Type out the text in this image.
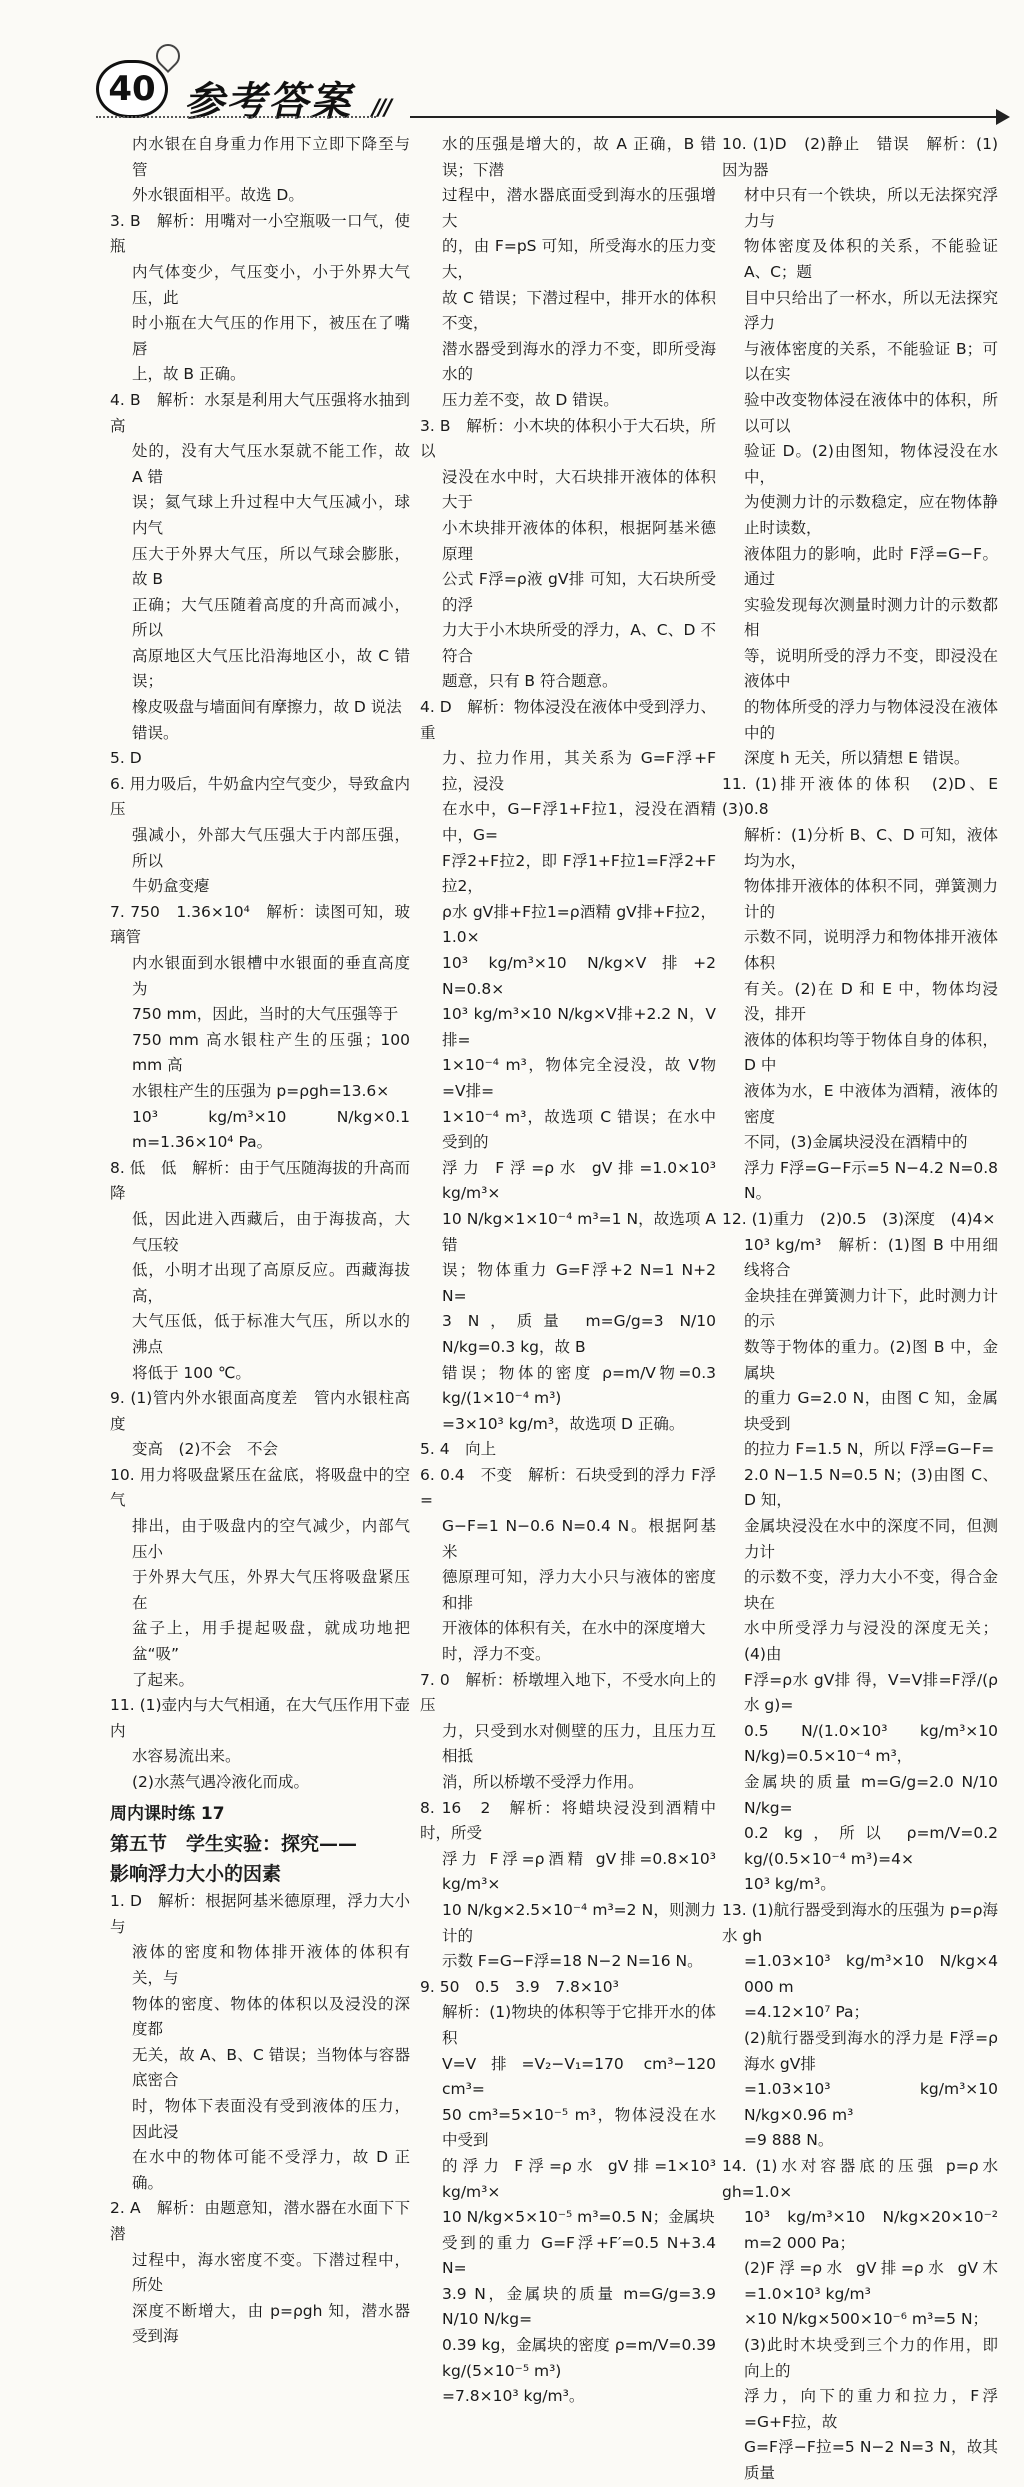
40 参考答案 ///

内水银在自身重力作用下立即下降至与管

外水银面相平。故选 D。

3. B　解析：用嘴对一小空瓶吸一口气，使瓶

内气体变少，气压变小，小于外界大气压，此

时小瓶在大气压的作用下，被压在了嘴唇

上，故 B 正确。

4. B　解析：水泵是利用大气压强将水抽到高

处的，没有大气压水泵就不能工作，故 A 错

误；氦气球上升过程中大气压减小，球内气

压大于外界大气压，所以气球会膨胀，故 B

正确；大气压随着高度的升高而减小，所以

高原地区大气压比沿海地区小，故 C 错误；

橡皮吸盘与墙面间有摩擦力，故 D 说法

错误。

5. D

6. 用力吸后，牛奶盒内空气变少，导致盒内压

强减小，外部大气压强大于内部压强，所以

牛奶盒变瘪

7. 750　1.36×10⁴　解析：读图可知，玻璃管

内水银面到水银槽中水银面的垂直高度为

750 mm，因此，当时的大气压强等于

750 mm 高水银柱产生的压强；100 mm 高

水银柱产生的压强为 p=ρgh=13.6×

10³ kg/m³×10 N/kg×0.1 m=1.36×10⁴ Pa。

8. 低　低　解析：由于气压随海拔的升高而降

低，因此进入西藏后，由于海拔高，大气压较

低，小明才出现了高原反应。西藏海拔高，

大气压低，低于标准大气压，所以水的沸点

将低于 100 ℃。

9. (1)管内外水银面高度差　管内水银柱高度

变高　(2)不会　不会

10. 用力将吸盘紧压在盆底，将吸盘中的空气

排出，由于吸盘内的空气减少，内部气压小

于外界大气压，外界大气压将吸盘紧压在

盆子上，用手提起吸盘，就成功地把盆“吸”

了起来。

11. (1)壶内与大气相通，在大气压作用下壶内

水容易流出来。

(2)水蒸气遇冷液化而成。

周内课时练 17

第五节　学生实验：探究——

影响浮力大小的因素

1. D　解析：根据阿基米德原理，浮力大小与

液体的密度和物体排开液体的体积有关，与

物体的密度、物体的体积以及浸没的深度都

无关，故 A、B、C 错误；当物体与容器底密合

时，物体下表面没有受到液体的压力，因此浸

在水中的物体可能不受浮力，故 D 正确。

2. A　解析：由题意知，潜水器在水面下下潜

过程中，海水密度不变。下潜过程中，所处

深度不断增大，由 p=ρgh 知，潜水器受到海

水的压强是增大的，故 A 正确，B 错误；下潜

过程中，潜水器底面受到海水的压强增大

的，由 F=pS 可知，所受海水的压力变大，

故 C 错误；下潜过程中，排开水的体积不变，

潜水器受到海水的浮力不变，即所受海水的

压力差不变，故 D 错误。

3. B　解析：小木块的体积小于大石块，所以

浸没在水中时，大石块排开液体的体积大于

小木块排开液体的体积，根据阿基米德原理

公式 F浮=ρ液 gV排 可知，大石块所受的浮

力大于小木块所受的浮力，A、C、D 不符合

题意，只有 B 符合题意。

4. D　解析：物体浸没在液体中受到浮力、重

力、拉力作用，其关系为 G=F浮+F拉，浸没

在水中，G−F浮1+F拉1，浸没在酒精中，G=

F浮2+F拉2，即 F浮1+F拉1=F浮2+F拉2，

ρ水 gV排+F拉1=ρ酒精 gV排+F拉2，1.0×

10³ kg/m³×10 N/kg×V排+2 N=0.8×

10³ kg/m³×10 N/kg×V排+2.2 N，V排=

1×10⁻⁴ m³，物体完全浸没，故 V物=V排=

1×10⁻⁴ m³，故选项 C 错误；在水中受到的

浮力 F浮=ρ水 gV排=1.0×10³ kg/m³×

10 N/kg×1×10⁻⁴ m³=1 N，故选项 A 错

误；物体重力 G=F浮+2 N=1 N+2 N=

3 N，质量 m=G/g=3 N/10 N/kg=0.3 kg，故 B

错误；物体的密度 ρ=m/V物=0.3 kg/(1×10⁻⁴ m³)

=3×10³ kg/m³，故选项 D 正确。

5. 4　向上

6. 0.4　不变　解析：石块受到的浮力 F浮=

G−F=1 N−0.6 N=0.4 N。根据阿基米

德原理可知，浮力大小只与液体的密度和排

开液体的体积有关，在水中的深度增大

时，浮力不变。

7. 0　解析：桥墩埋入地下，不受水向上的压

力，只受到水对侧壁的压力，且压力互相抵

消，所以桥墩不受浮力作用。

8. 16　2　解析：将蜡块浸没到酒精中时，所受

浮力 F浮=ρ酒精 gV排=0.8×10³ kg/m³×

10 N/kg×2.5×10⁻⁴ m³=2 N，则测力计的

示数 F=G−F浮=18 N−2 N=16 N。

9. 50　0.5　3.9　7.8×10³

解析：(1)物块的体积等于它排开水的体积

V=V排=V₂−V₁=170 cm³−120 cm³=

50 cm³=5×10⁻⁵ m³，物体浸没在水中受到

的浮力 F浮=ρ水 gV排=1×10³ kg/m³×

10 N/kg×5×10⁻⁵ m³=0.5 N；金属块

受到的重力 G=F浮+F′=0.5 N+3.4 N=

3.9 N，金属块的质量 m=G/g=3.9 N/10 N/kg=

0.39 kg，金属块的密度 ρ=m/V=0.39 kg/(5×10⁻⁵ m³)

=7.8×10³ kg/m³。

10. (1)D　(2)静止　错误　解析：(1)因为器

材中只有一个铁块，所以无法探究浮力与

物体密度及体积的关系，不能验证 A、C；题

目中只给出了一杯水，所以无法探究浮力

与液体密度的关系，不能验证 B；可以在实

验中改变物体浸在液体中的体积，所以可以

验证 D。(2)由图知，物体浸没在水中，

为使测力计的示数稳定，应在物体静止时读数，

液体阻力的影响，此时 F浮=G−F。通过

实验发现每次测量时测力计的示数都相

等，说明所受的浮力不变，即浸没在液体中

的物体所受的浮力与物体浸没在液体中的

深度 h 无关，所以猜想 E 错误。

11. (1)排开液体的体积　(2)D、E　(3)0.8

解析：(1)分析 B、C、D 可知，液体均为水，

物体排开液体的体积不同，弹簧测力计的

示数不同，说明浮力和物体排开液体体积

有关。(2)在 D 和 E 中，物体均浸没，排开

液体的体积均等于物体自身的体积，D 中

液体为水，E 中液体为酒精，液体的密度

不同，(3)金属块浸没在酒精中的

浮力 F浮=G−F示=5 N−4.2 N=0.8 N。

12. (1)重力　(2)0.5　(3)深度　(4)4×

10³ kg/m³　解析：(1)图 B 中用细线将合

金块挂在弹簧测力计下，此时测力计的示

数等于物体的重力。(2)图 B 中，金属块

的重力 G=2.0 N，由图 C 知，金属块受到

的拉力 F=1.5 N，所以 F浮=G−F=

2.0 N−1.5 N=0.5 N；(3)由图 C、D 知，

金属块浸没在水中的深度不同，但测力计

的示数不变，浮力大小不变，得合金块在

水中所受浮力与浸没的深度无关；(4)由

F浮=ρ水 gV排 得，V=V排=F浮/(ρ水 g)=

0.5 N/(1.0×10³ kg/m³×10 N/kg)=0.5×10⁻⁴ m³，

金属块的质量 m=G/g=2.0 N/10 N/kg=

0.2 kg，所以 ρ=m/V=0.2 kg/(0.5×10⁻⁴ m³)=4×

10³ kg/m³。

13. (1)航行器受到海水的压强为 p=ρ海水 gh

=1.03×10³ kg/m³×10 N/kg×4 000 m

=4.12×10⁷ Pa；

(2)航行器受到海水的浮力是 F浮=ρ海水 gV排

=1.03×10³ kg/m³×10 N/kg×0.96 m³

=9 888 N。

14. (1)水对容器底的压强 p=ρ水 gh=1.0×

10³ kg/m³×10 N/kg×20×10⁻² m=2 000 Pa；

(2)F浮=ρ水 gV排=ρ水 gV木=1.0×10³ kg/m³

×10 N/kg×500×10⁻⁶ m³=5 N；

(3)此时木块受到三个力的作用，即向上的

浮力，向下的重力和拉力，F浮=G+F拉，故

G=F浮−F拉=5 N−2 N=3 N，故其质量
